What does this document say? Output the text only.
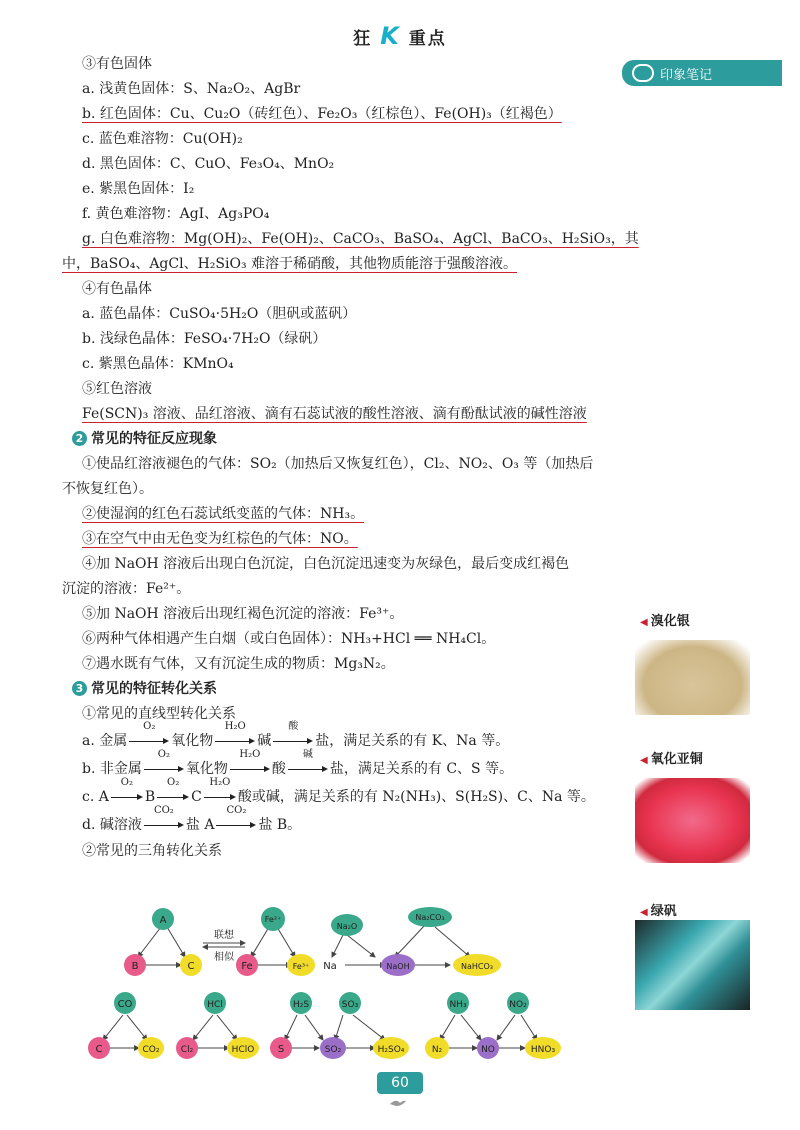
狂 K 重点
印象笔记
③有色固体
a. 浅黄色固体：S、Na₂O₂、AgBr
b. 红色固体：Cu、Cu₂O（砖红色）、Fe₂O₃（红棕色）、Fe(OH)₃（红褐色）
c. 蓝色难溶物：Cu(OH)₂
d. 黑色固体：C、CuO、Fe₃O₄、MnO₂
e. 紫黑色固体：I₂
f. 黄色难溶物：AgI、Ag₃PO₄
g. 白色难溶物：Mg(OH)₂、Fe(OH)₂、CaCO₃、BaSO₄、AgCl、BaCO₃、H₂SiO₃，其
中，BaSO₄、AgCl、H₂SiO₃ 难溶于稀硝酸，其他物质能溶于强酸溶液。
④有色晶体
a. 蓝色晶体：CuSO₄·5H₂O（胆矾或蓝矾）
b. 浅绿色晶体：FeSO₄·7H₂O（绿矾）
c. 紫黑色晶体：KMnO₄
⑤红色溶液
Fe(SCN)₃ 溶液、品红溶液、滴有石蕊试液的酸性溶液、滴有酚酞试液的碱性溶液
2 常见的特征反应现象
①使品红溶液褪色的气体：SO₂（加热后又恢复红色），Cl₂、NO₂、O₃ 等（加热后
不恢复红色）。
②使湿润的红色石蕊试纸变蓝的气体：NH₃。
③在空气中由无色变为红棕色的气体：NO。
④加 NaOH 溶液后出现白色沉淀，白色沉淀迅速变为灰绿色，最后变成红褐色
沉淀的溶液：Fe²⁺。
⑤加 NaOH 溶液后出现红褐色沉淀的溶液：Fe³⁺。
⑥两种气体相遇产生白烟（或白色固体）：NH₃+HCl ══ NH₄Cl。
⑦遇水既有气体，又有沉淀生成的物质：Mg₃N₂。
3 常见的特征转化关系
①常见的直线型转化关系
a. 金属
O₂
氧化物
H₂O
碱
酸
盐，满足关系的有 K、Na 等。
b. 非金属
O₂
氧化物
H₂O
酸
碱
盐，满足关系的有 C、S 等。
c. A
O₂
B
O₂
C
H₂O
酸或碱，满足关系的有 N₂(NH₃)、S(H₂S)、C、Na 等。
d. 碱溶液
CO₂
盐 A
CO₂
盐 B。
②常见的三角转化关系
A
B	C
联想
相似
Fe²⁺
Fe	Fe³⁺
Na₂O
Na₂CO₃
Na	NaOH	NaHCO₃
CO
C	CO₂
HCl
Cl₂	HClO
H₂S	SO₃
S	SO₂	H₂SO₄
NH₃	NO₂
N₂	NO	HNO₃
◀ 溴化银
◀ 氧化亚铜
◀ 绿矾
60
